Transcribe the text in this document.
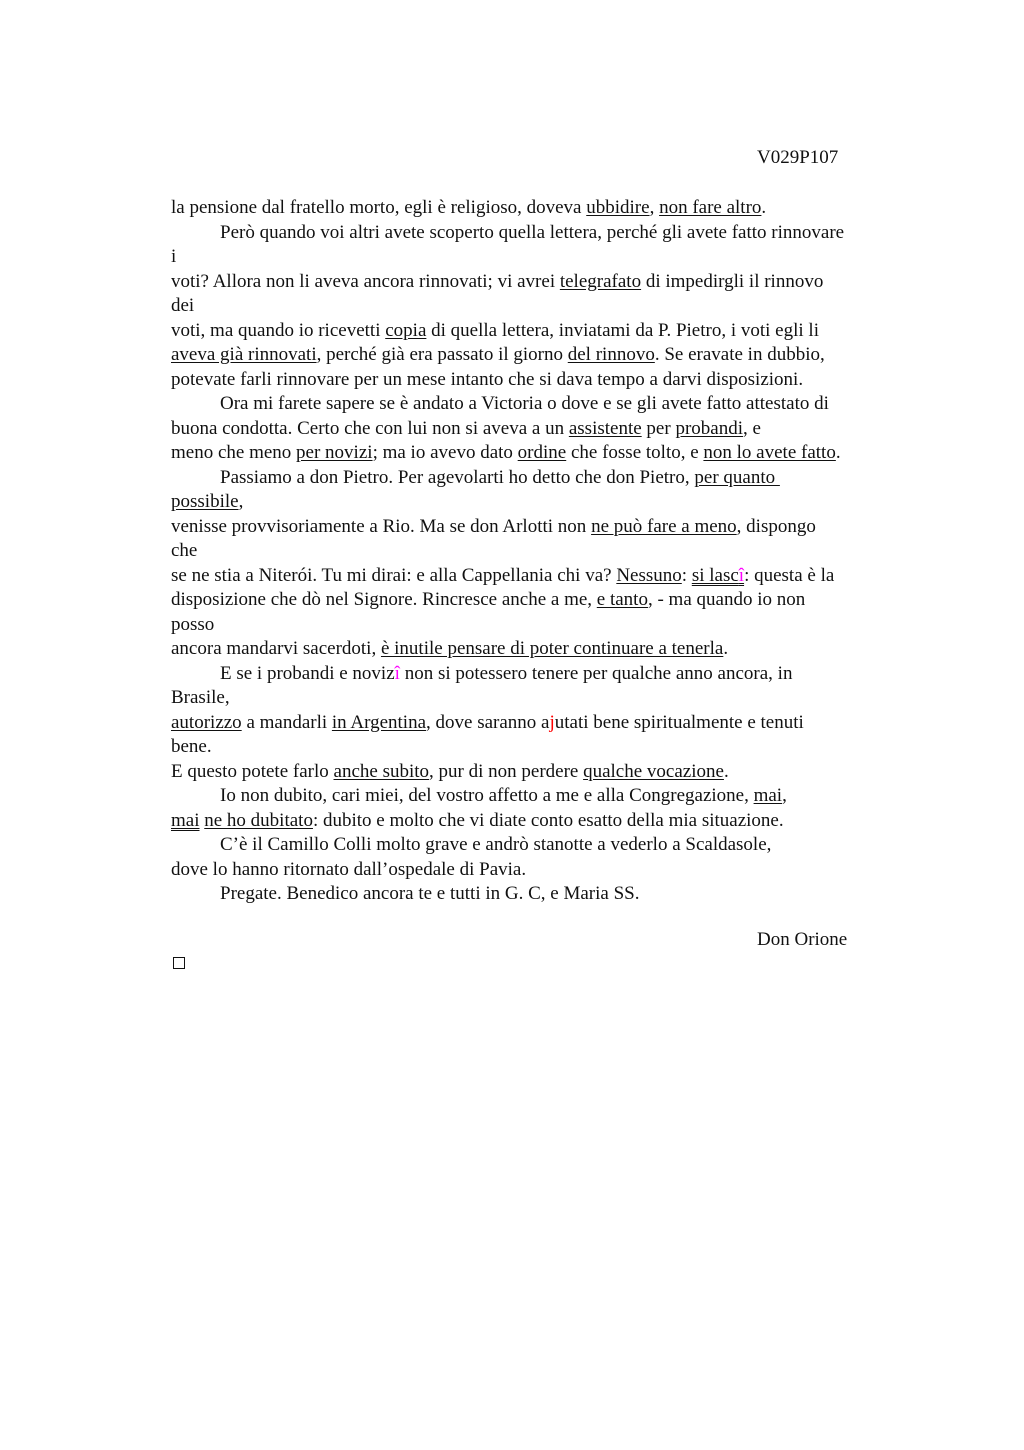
V029P107
la pensione dal fratello morto, egli è religioso, doveva ubbidire, non fare altro.
Però quando voi altri avete scoperto quella lettera, perché gli avete fatto rinnovare
i
voti? Allora non li aveva ancora rinnovati; vi avrei telegrafato di impedirgli il rinnovo
dei
voti, ma quando io ricevetti copia di quella lettera, inviatami da P. Pietro, i voti egli li
aveva già rinnovati, perché già era passato il giorno del rinnovo. Se eravate in dubbio,
potevate farli rinnovare per un mese intanto che si dava tempo a darvi disposizioni.
Ora mi farete sapere se è andato a Victoria o dove e se gli avete fatto attestato di
buona condotta. Certo che con lui non si aveva a un assistente per probandi, e
meno che meno per novizi; ma io avevo dato ordine che fosse tolto, e non lo avete fatto.
Passiamo a don Pietro. Per agevolarti ho detto che don Pietro, per quanto
possibile,
venisse provvisoriamente a Rio. Ma se don Arlotti non ne può fare a meno, dispongo
che
se ne stia a Niterói. Tu mi dirai: e alla Cappellania chi va? Nessuno: si lascî: questa è la
disposizione che dò nel Signore. Rincresce anche a me, e tanto, - ma quando io non
posso
ancora mandarvi sacerdoti, è inutile pensare di poter continuare a tenerla.
E se i probandi e novizî non si potessero tenere per qualche anno ancora, in
Brasile,
autorizzo a mandarli in Argentina, dove saranno ajutati bene spiritualmente e tenuti
bene.
E questo potete farlo anche subito, pur di non perdere qualche vocazione.
Io non dubito, cari miei, del vostro affetto a me e alla Congregazione, mai,
mai ne ho dubitato: dubito e molto che vi diate conto esatto della mia situazione.
C’è il Camillo Colli molto grave e andrò stanotte a vederlo a Scaldasole,
dove lo hanno ritornato dall’ospedale di Pavia.
Pregate. Benedico ancora te e tutti in G. C, e Maria SS.
Don Orione
